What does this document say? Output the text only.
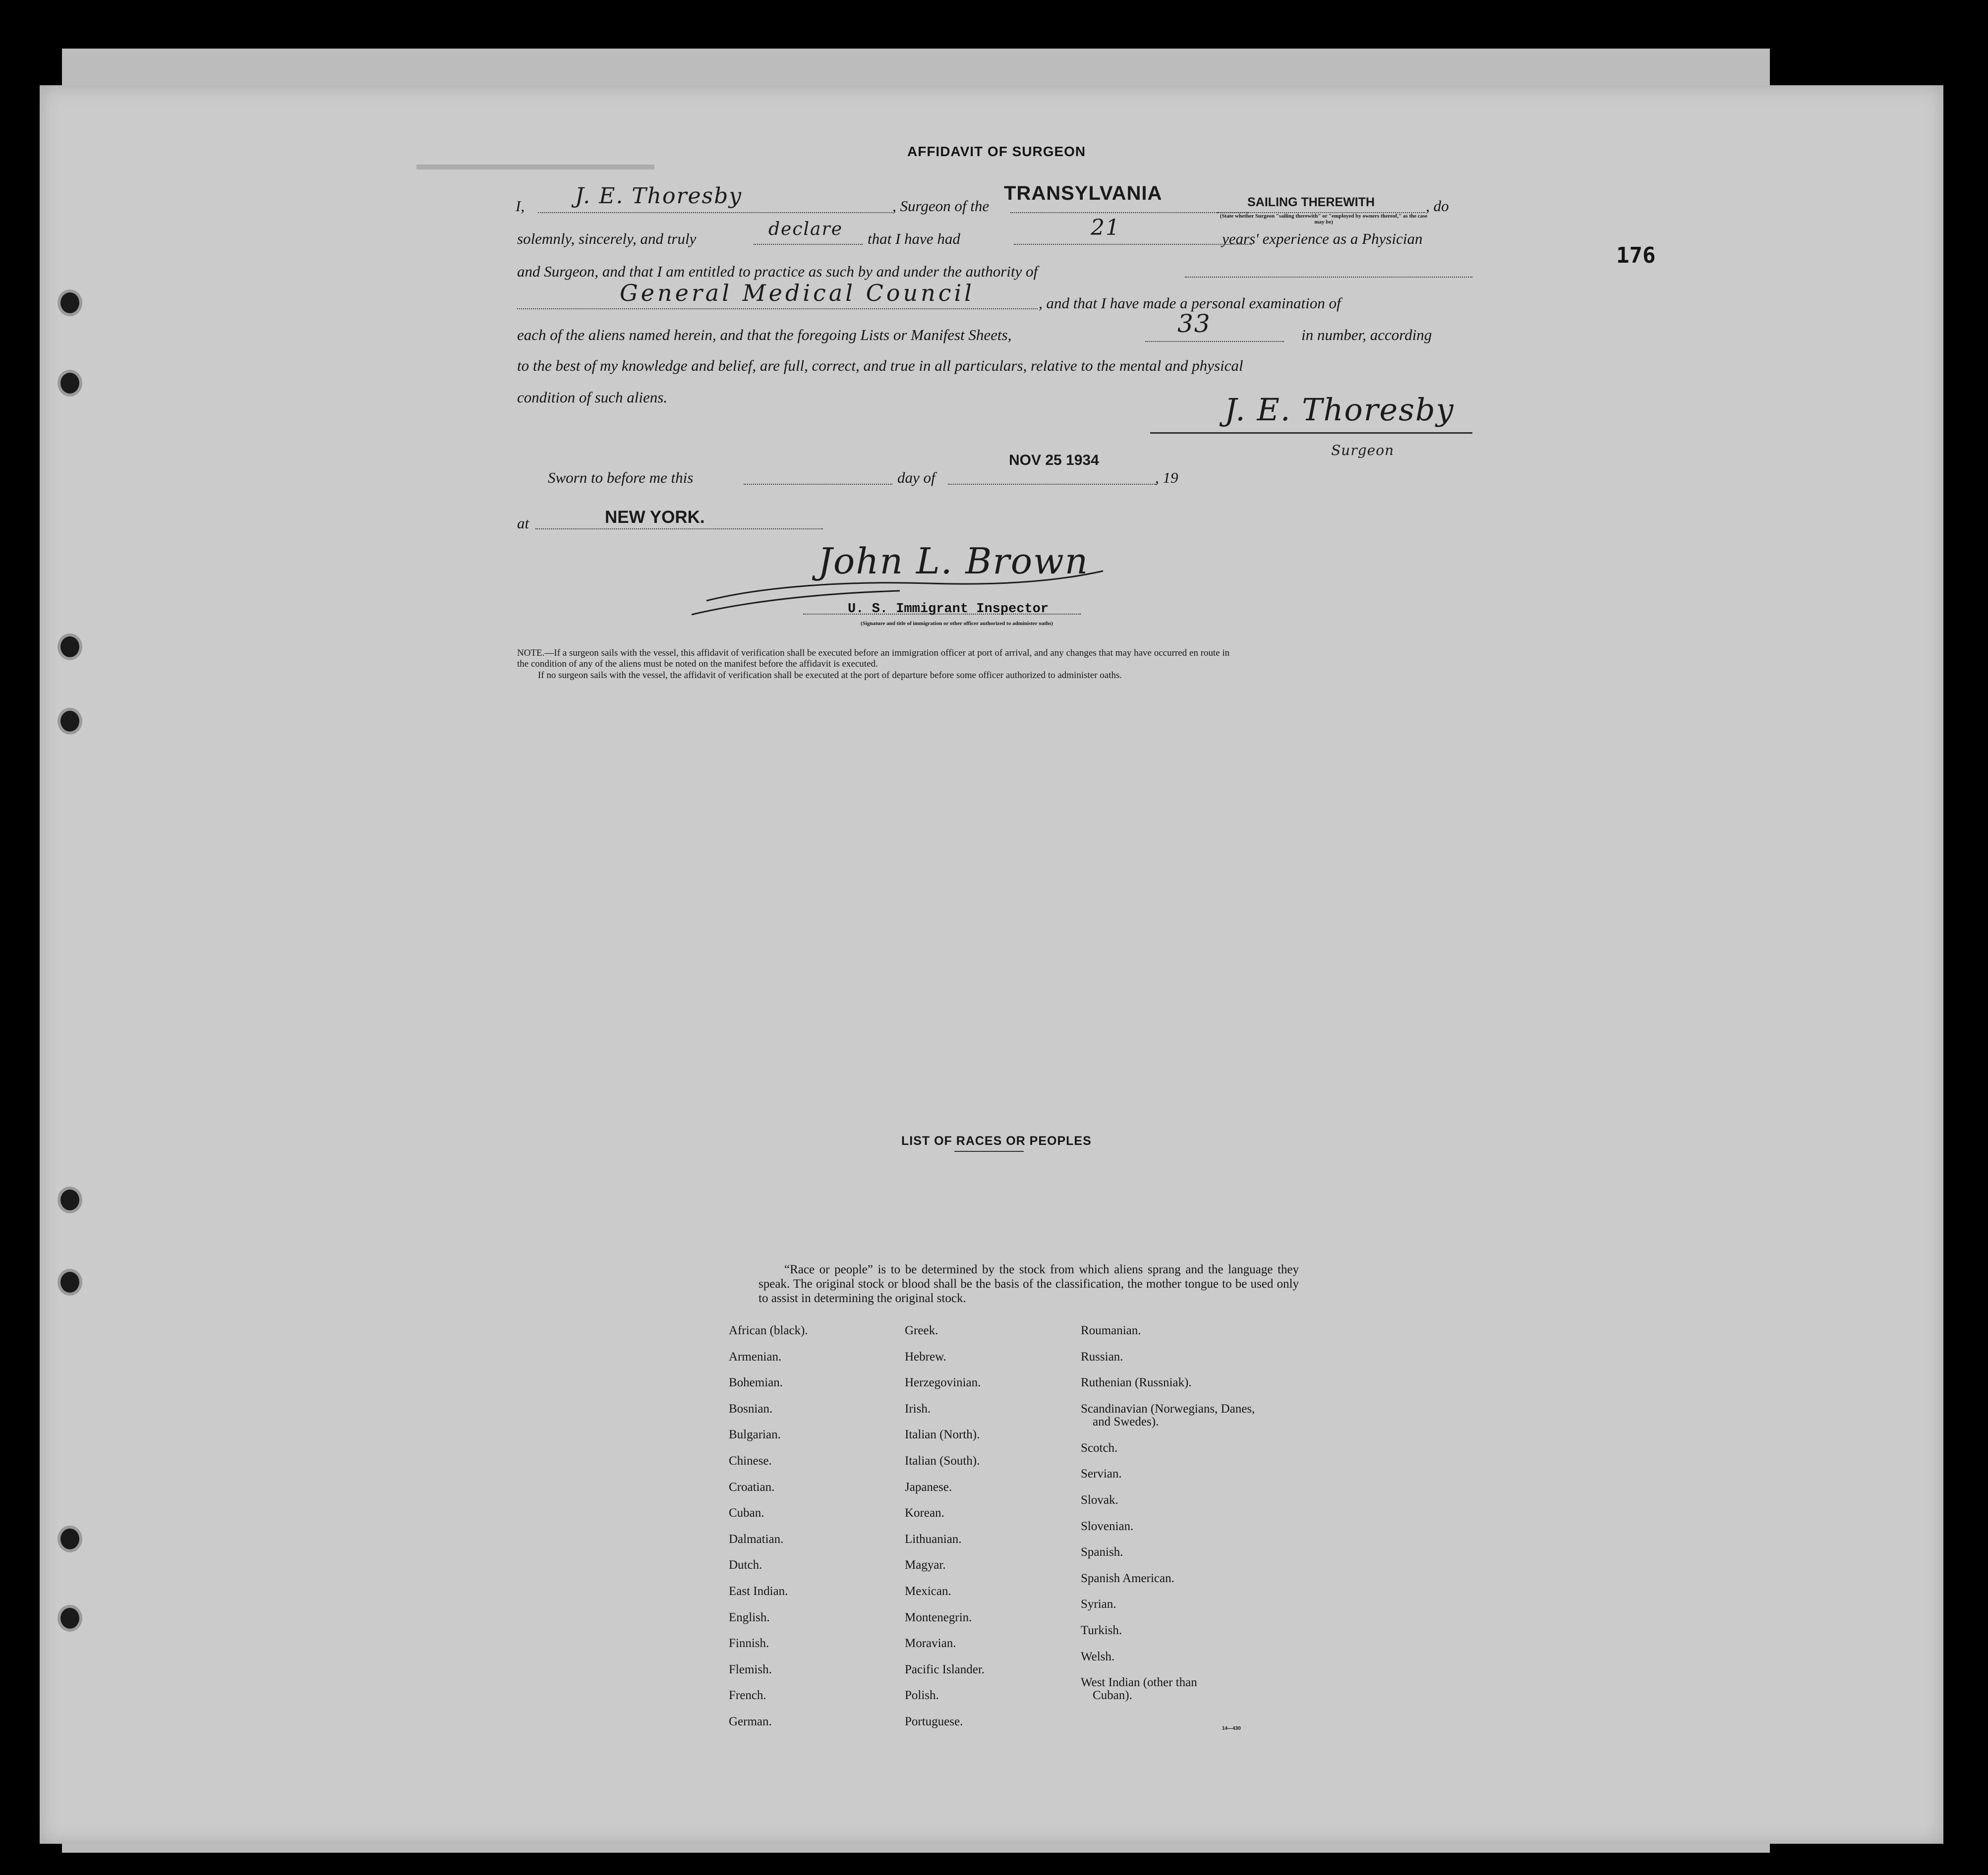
176
AFFIDAVIT OF SURGEON
I, J. E. Thoresby	, Surgeon of the
TRANSYLVANIA	SAILING THEREWITH
(State whether Surgeon "sailing therewith" or "employed by owners thereof," as the case may be)
, do
solemnly, sincerely, and truly	declare that I have had	21	years' experience as a Physician
and Surgeon, and that I am entitled to practice as such by and under the authority of
General Medical Council	, and that I have made a personal examination of
each of the aliens named herein, and that the foregoing Lists or Manifest Sheets,	33	in number, according
to the best of my knowledge and belief, are full, correct, and true in all particulars, relative to the mental and physical
condition of such aliens.	J. E. Thoresby
Surgeon
Sworn to before me this	day of
NOV 25 1934
, 19
at	NEW YORK.
John L. Brown
U. S. Immigrant Inspector
(Signature and title of immigration or other officer authorized to administer oaths)
NOTE.—If a surgeon sails with the vessel, this affidavit of verification shall be executed before an immigration officer at port of arrival, and any changes that may have occurred en route in
the condition of any of the aliens must be noted on the manifest before the affidavit is executed.
If no surgeon sails with the vessel, the affidavit of verification shall be executed at the port of departure before some officer authorized to administer oaths.
LIST OF RACES OR PEOPLES
“Race or people” is to be determined by the stock from which aliens sprang and the language they speak. The original stock or blood shall be the basis of the classification, the mother tongue to be used only to assist in determining the original stock.
African (black).
Armenian.
Bohemian.
Bosnian.
Bulgarian.
Chinese.
Croatian.
Cuban.
Dalmatian.
Dutch.
East Indian.
English.
Finnish.
Flemish.
French.
German.
Greek.
Hebrew.
Herzegovinian.
Irish.
Italian (North).
Italian (South).
Japanese.
Korean.
Lithuanian.
Magyar.
Mexican.
Montenegrin.
Moravian.
Pacific Islander.
Polish.
Portuguese.
Roumanian.
Russian.
Ruthenian (Russniak).
Scandinavian (Norwegians, Danes, and Swedes).
Scotch.
Servian.
Slovak.
Slovenian.
Spanish.
Spanish American.
Syrian.
Turkish.
Welsh.
West Indian (other than Cuban).
14—430
